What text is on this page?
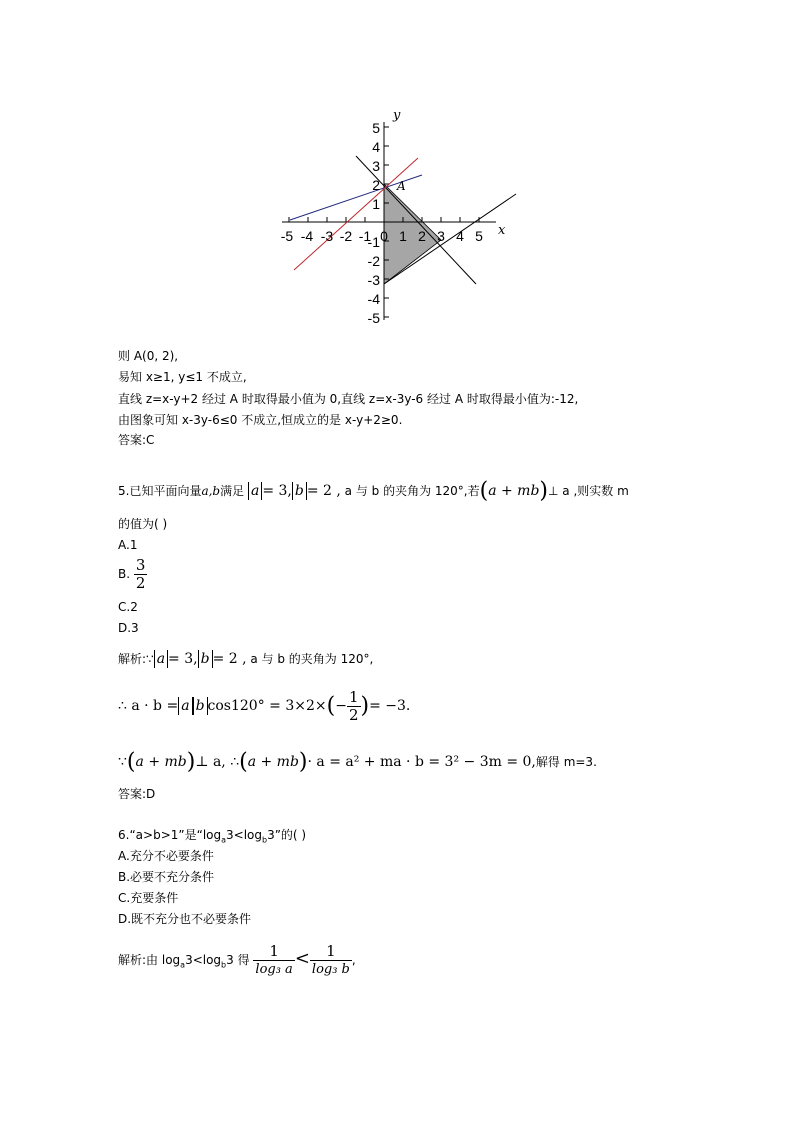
x
y
A
-5 -4 -3 -2 -1 0 1 2 3 4 5
5
4
3
2
1
-1
-2
-3
-4
-5
则 A(0, 2),
易知 x≥1, y≤1 不成立,
直线 z=x-y+2 经过 A 时取得最小值为 0,直线 z=x-3y-6 经过 A 时取得最小值为:-12,
由图象可知 x-3y-6≤0 不成立,恒成立的是 x-y+2≥0.
答案:C
5.已知平面向量a,b满足 a = 3, b = 2 , a 与 b 的夹角为 120°,若(a + mb)⊥ a ,则实数 m
的值为( )
A.1
B. $\frac{3}{2}$
C.2
D.3
解析:∵ a = 3, b = 2 , a 与 b 的夹角为 120°,
∴ a · b = a b $\cos 120^\circ = 3\times 2\times(- \frac{1}{2}$ )= −3.
∵(a + mb)⊥ a, ∴(a + mb)· a = a² + ma · b = 3² − 3m = 0,解得 m=3.
答案:D
6.“a>b>1”是“$\log_a3<\log_b3$”的( )
A.充分不必要条件
B.必要不充分条件
C.充要条件
D.既不充分也不必要条件
解析:由 $\log_a3<\log_b3$ 得 $\frac{1}{\text{log₃ a}} < \frac{1}{\text{log₃ b}}$ ,
